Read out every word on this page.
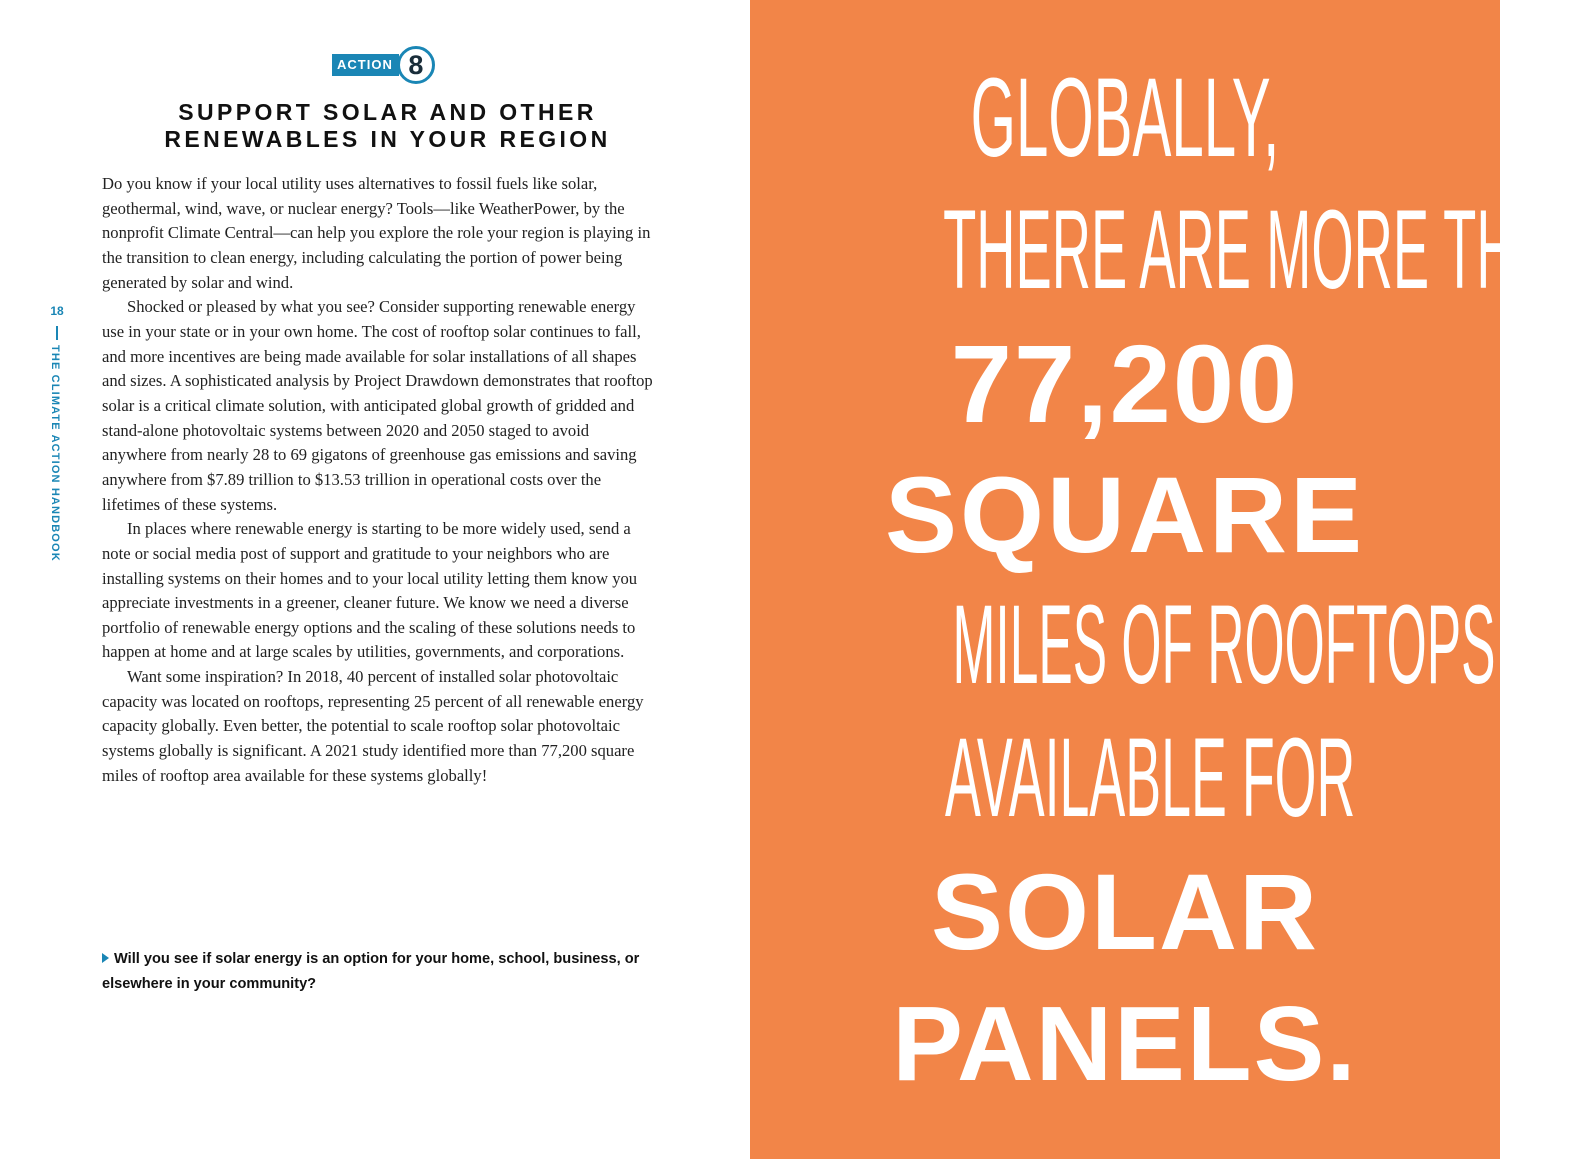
ACTION 8
SUPPORT SOLAR AND OTHER
RENEWABLES IN YOUR REGION

Do you know if your local utility uses alternatives to fossil fuels like solar, geothermal, wind, wave, or nuclear energy? Tools—like WeatherPower, by the nonprofit Climate Central—can help you explore the role your region is playing in the transition to clean energy, including calculating the portion of power being generated by solar and wind.

Shocked or pleased by what you see? Consider supporting renewable energy use in your state or in your own home. The cost of rooftop solar continues to fall, and more incentives are being made available for solar installations of all shapes and sizes. A sophisticated analysis by Project Drawdown demonstrates that rooftop solar is a critical climate solution, with anticipated global growth of gridded and stand-alone photovoltaic systems between 2020 and 2050 staged to avoid anywhere from nearly 28 to 69 gigatons of greenhouse gas emissions and saving anywhere from $7.89 trillion to $13.53 trillion in operational costs over the lifetimes of these systems.

In places where renewable energy is starting to be more widely used, send a note or social media post of support and gratitude to your neighbors who are installing systems on their homes and to your local utility letting them know you appreciate investments in a greener, cleaner future. We know we need a diverse portfolio of renewable energy options and the scaling of these solutions needs to happen at home and at large scales by utilities, governments, and corporations.

Want some inspiration? In 2018, 40 percent of installed solar photovoltaic capacity was located on rooftops, representing 25 percent of all renewable energy capacity globally. Even better, the potential to scale rooftop solar photovoltaic systems globally is significant. A 2021 study identified more than 77,200 square miles of rooftop area available for these systems globally!

Will you see if solar energy is an option for your home, school, business, or elsewhere in your community?
18
THE CLIMATE ACTION HANDBOOK
GLOBALLY,
THERE ARE MORE THAN
77,200
SQUARE
MILES OF ROOFTOPS
AVAILABLE FOR
SOLAR
PANELS.
